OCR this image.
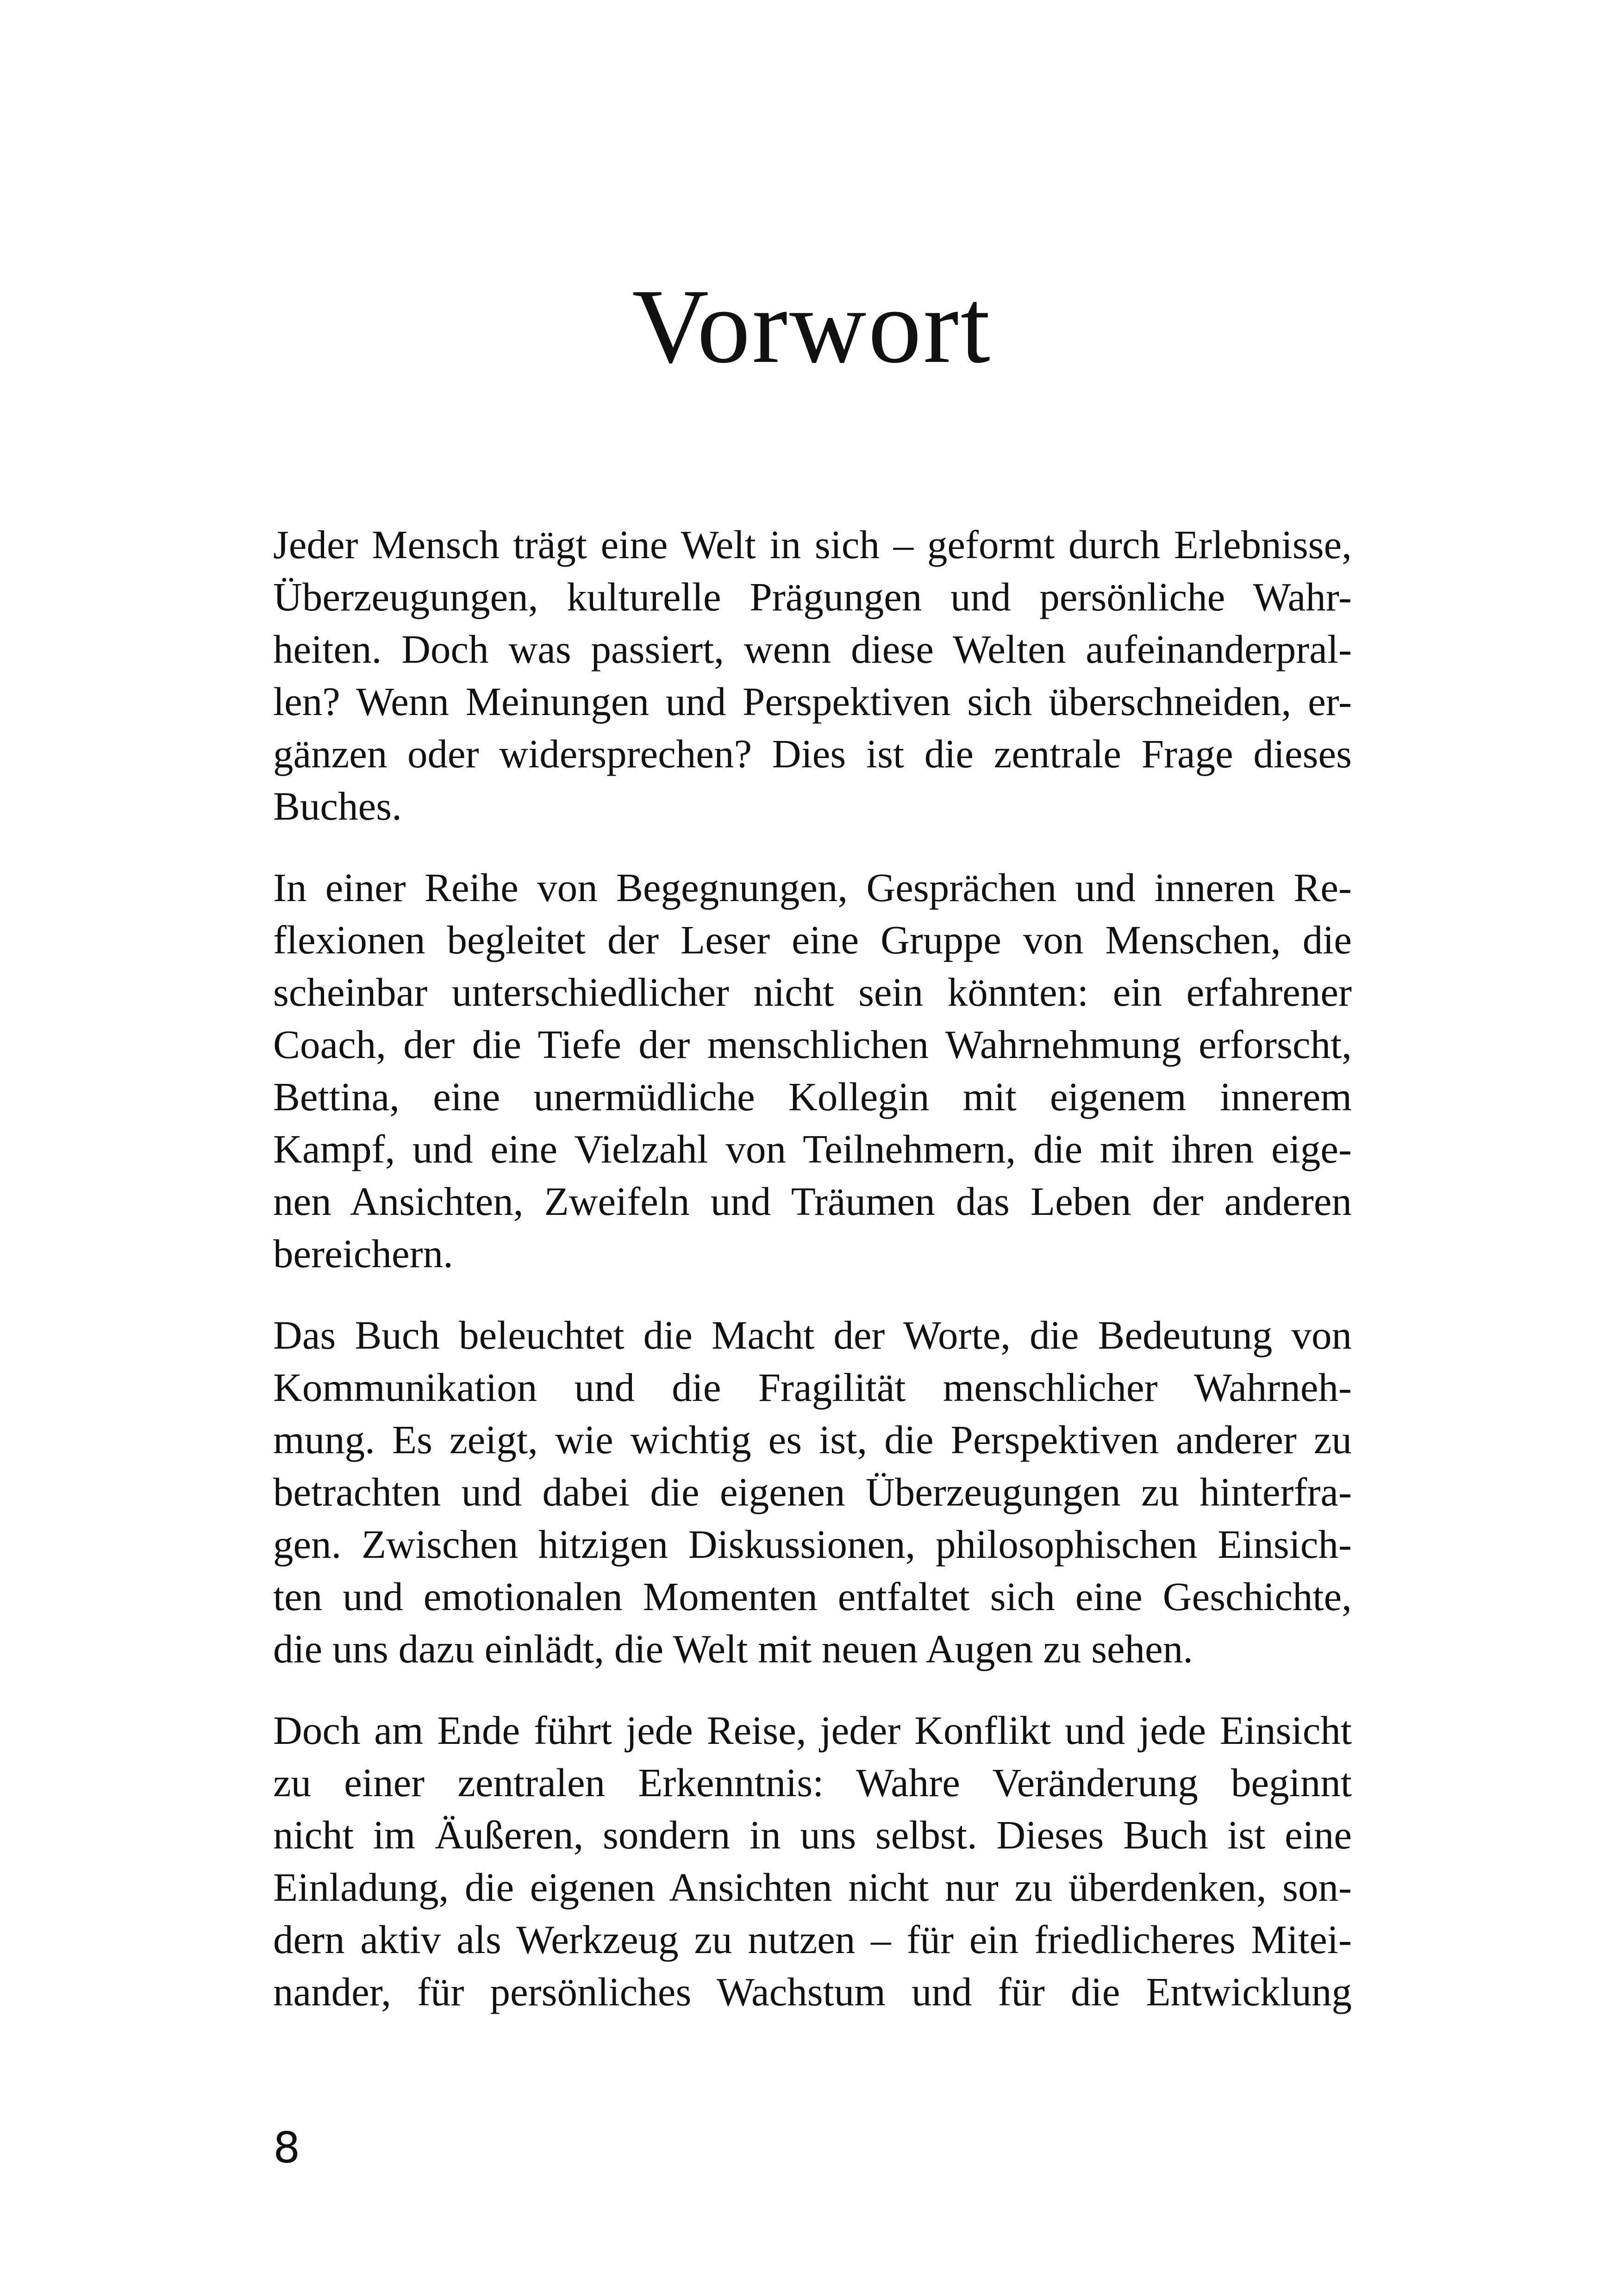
Vorwort

Jeder Mensch trägt eine Welt in sich – geformt durch Erlebnisse,
Überzeugungen, kulturelle Prägungen und persönliche Wahr-
heiten. Doch was passiert, wenn diese Welten aufeinanderpral-
len? Wenn Meinungen und Perspektiven sich überschneiden, er-
gänzen oder widersprechen? Dies ist die zentrale Frage dieses
Buches.

In einer Reihe von Begegnungen, Gesprächen und inneren Re-
flexionen begleitet der Leser eine Gruppe von Menschen, die
scheinbar unterschiedlicher nicht sein könnten: ein erfahrener
Coach, der die Tiefe der menschlichen Wahrnehmung erforscht,
Bettina, eine unermüdliche Kollegin mit eigenem innerem
Kampf, und eine Vielzahl von Teilnehmern, die mit ihren eige-
nen Ansichten, Zweifeln und Träumen das Leben der anderen
bereichern.

Das Buch beleuchtet die Macht der Worte, die Bedeutung von
Kommunikation und die Fragilität menschlicher Wahrneh-
mung. Es zeigt, wie wichtig es ist, die Perspektiven anderer zu
betrachten und dabei die eigenen Überzeugungen zu hinterfra-
gen. Zwischen hitzigen Diskussionen, philosophischen Einsich-
ten und emotionalen Momenten entfaltet sich eine Geschichte,
die uns dazu einlädt, die Welt mit neuen Augen zu sehen.

Doch am Ende führt jede Reise, jeder Konflikt und jede Einsicht
zu einer zentralen Erkenntnis: Wahre Veränderung beginnt
nicht im Äußeren, sondern in uns selbst. Dieses Buch ist eine
Einladung, die eigenen Ansichten nicht nur zu überdenken, son-
dern aktiv als Werkzeug zu nutzen – für ein friedlicheres Mitei-
nander, für persönliches Wachstum und für die Entwicklung

8
